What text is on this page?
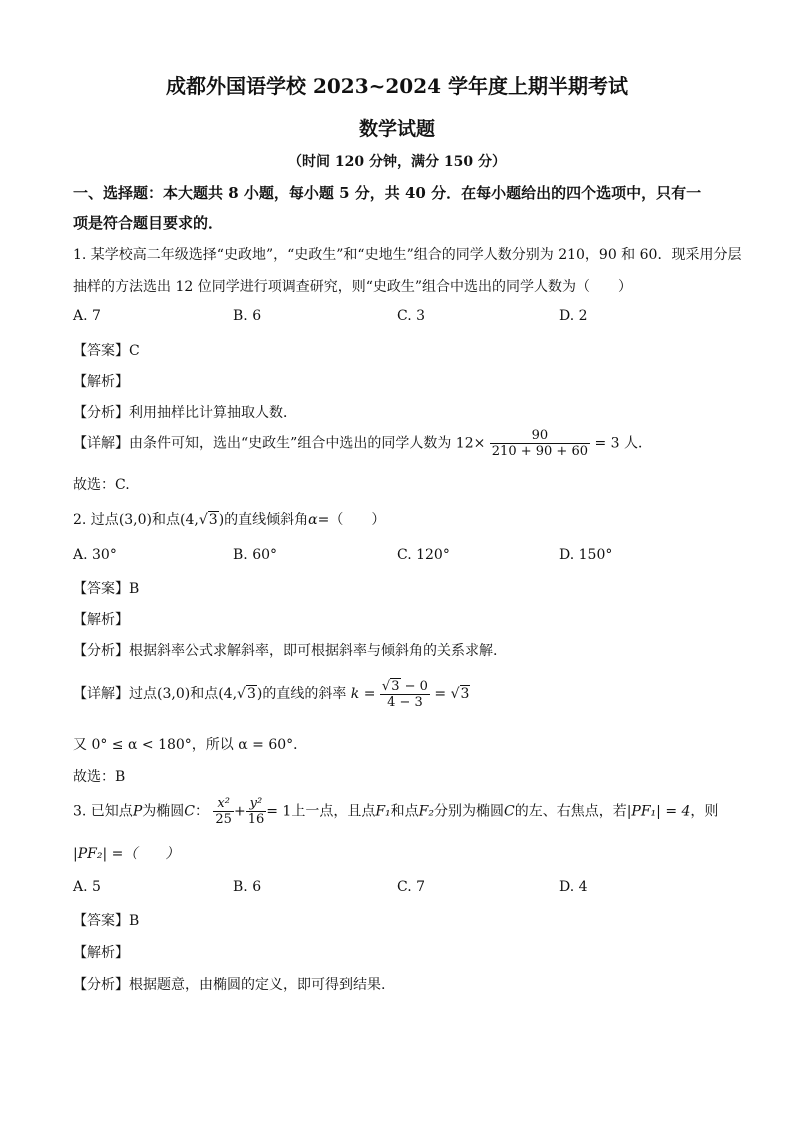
成都外国语学校 2023~2024 学年度上期半期考试
数学试题
（时间 120 分钟，满分 150 分）
一、选择题：本大题共 8 小题，每小题 5 分，共 40 分．在每小题给出的四个选项中，只有一
项是符合题目要求的．
1. 某学校高二年级选择“史政地”，“史政生”和“史地生”组合的同学人数分别为 210，90 和 60．现采用分层
抽样的方法选出 12 位同学进行项调查研究，则“史政生”组合中选出的同学人数为（　　）
A. 7	B. 6	C. 3	D. 2
【答案】C
【解析】
【分析】利用抽样比计算抽取人数．
【详解】由条件可知，选出“史政生”组合中选出的同学人数为 $12\times \frac{90}{210 + 90 + 60} = 3$ 人．
故选：C.
2. 过点(3,0)和点(4,√3)的直线倾斜角α=（　　）
A. 30°	B. 60°	C. 120°	D. 150°
【答案】B
【解析】
【分析】根据斜率公式求解斜率，即可根据斜率与倾斜角的关系求解.
【详解】过点(3,0)和点(4,√3)的直线的斜率 $k = \frac{√3 - 0}{4 - 3} = √3$
又 0° ≤ α < 180°，所以 α = 60°．
故选：B
3. 已知点P为椭圆C： $\frac{\text{x²}}{25} + \frac{\text{y²}}{16} = 1$上一点，且点F₁和点F₂分别为椭圆C的左、右焦点，若|PF₁| = 4，则
|PF₂| =（　　）
A. 5	B. 6	C. 7	D. 4
【答案】B
【解析】
【分析】根据题意，由椭圆的定义，即可得到结果.
